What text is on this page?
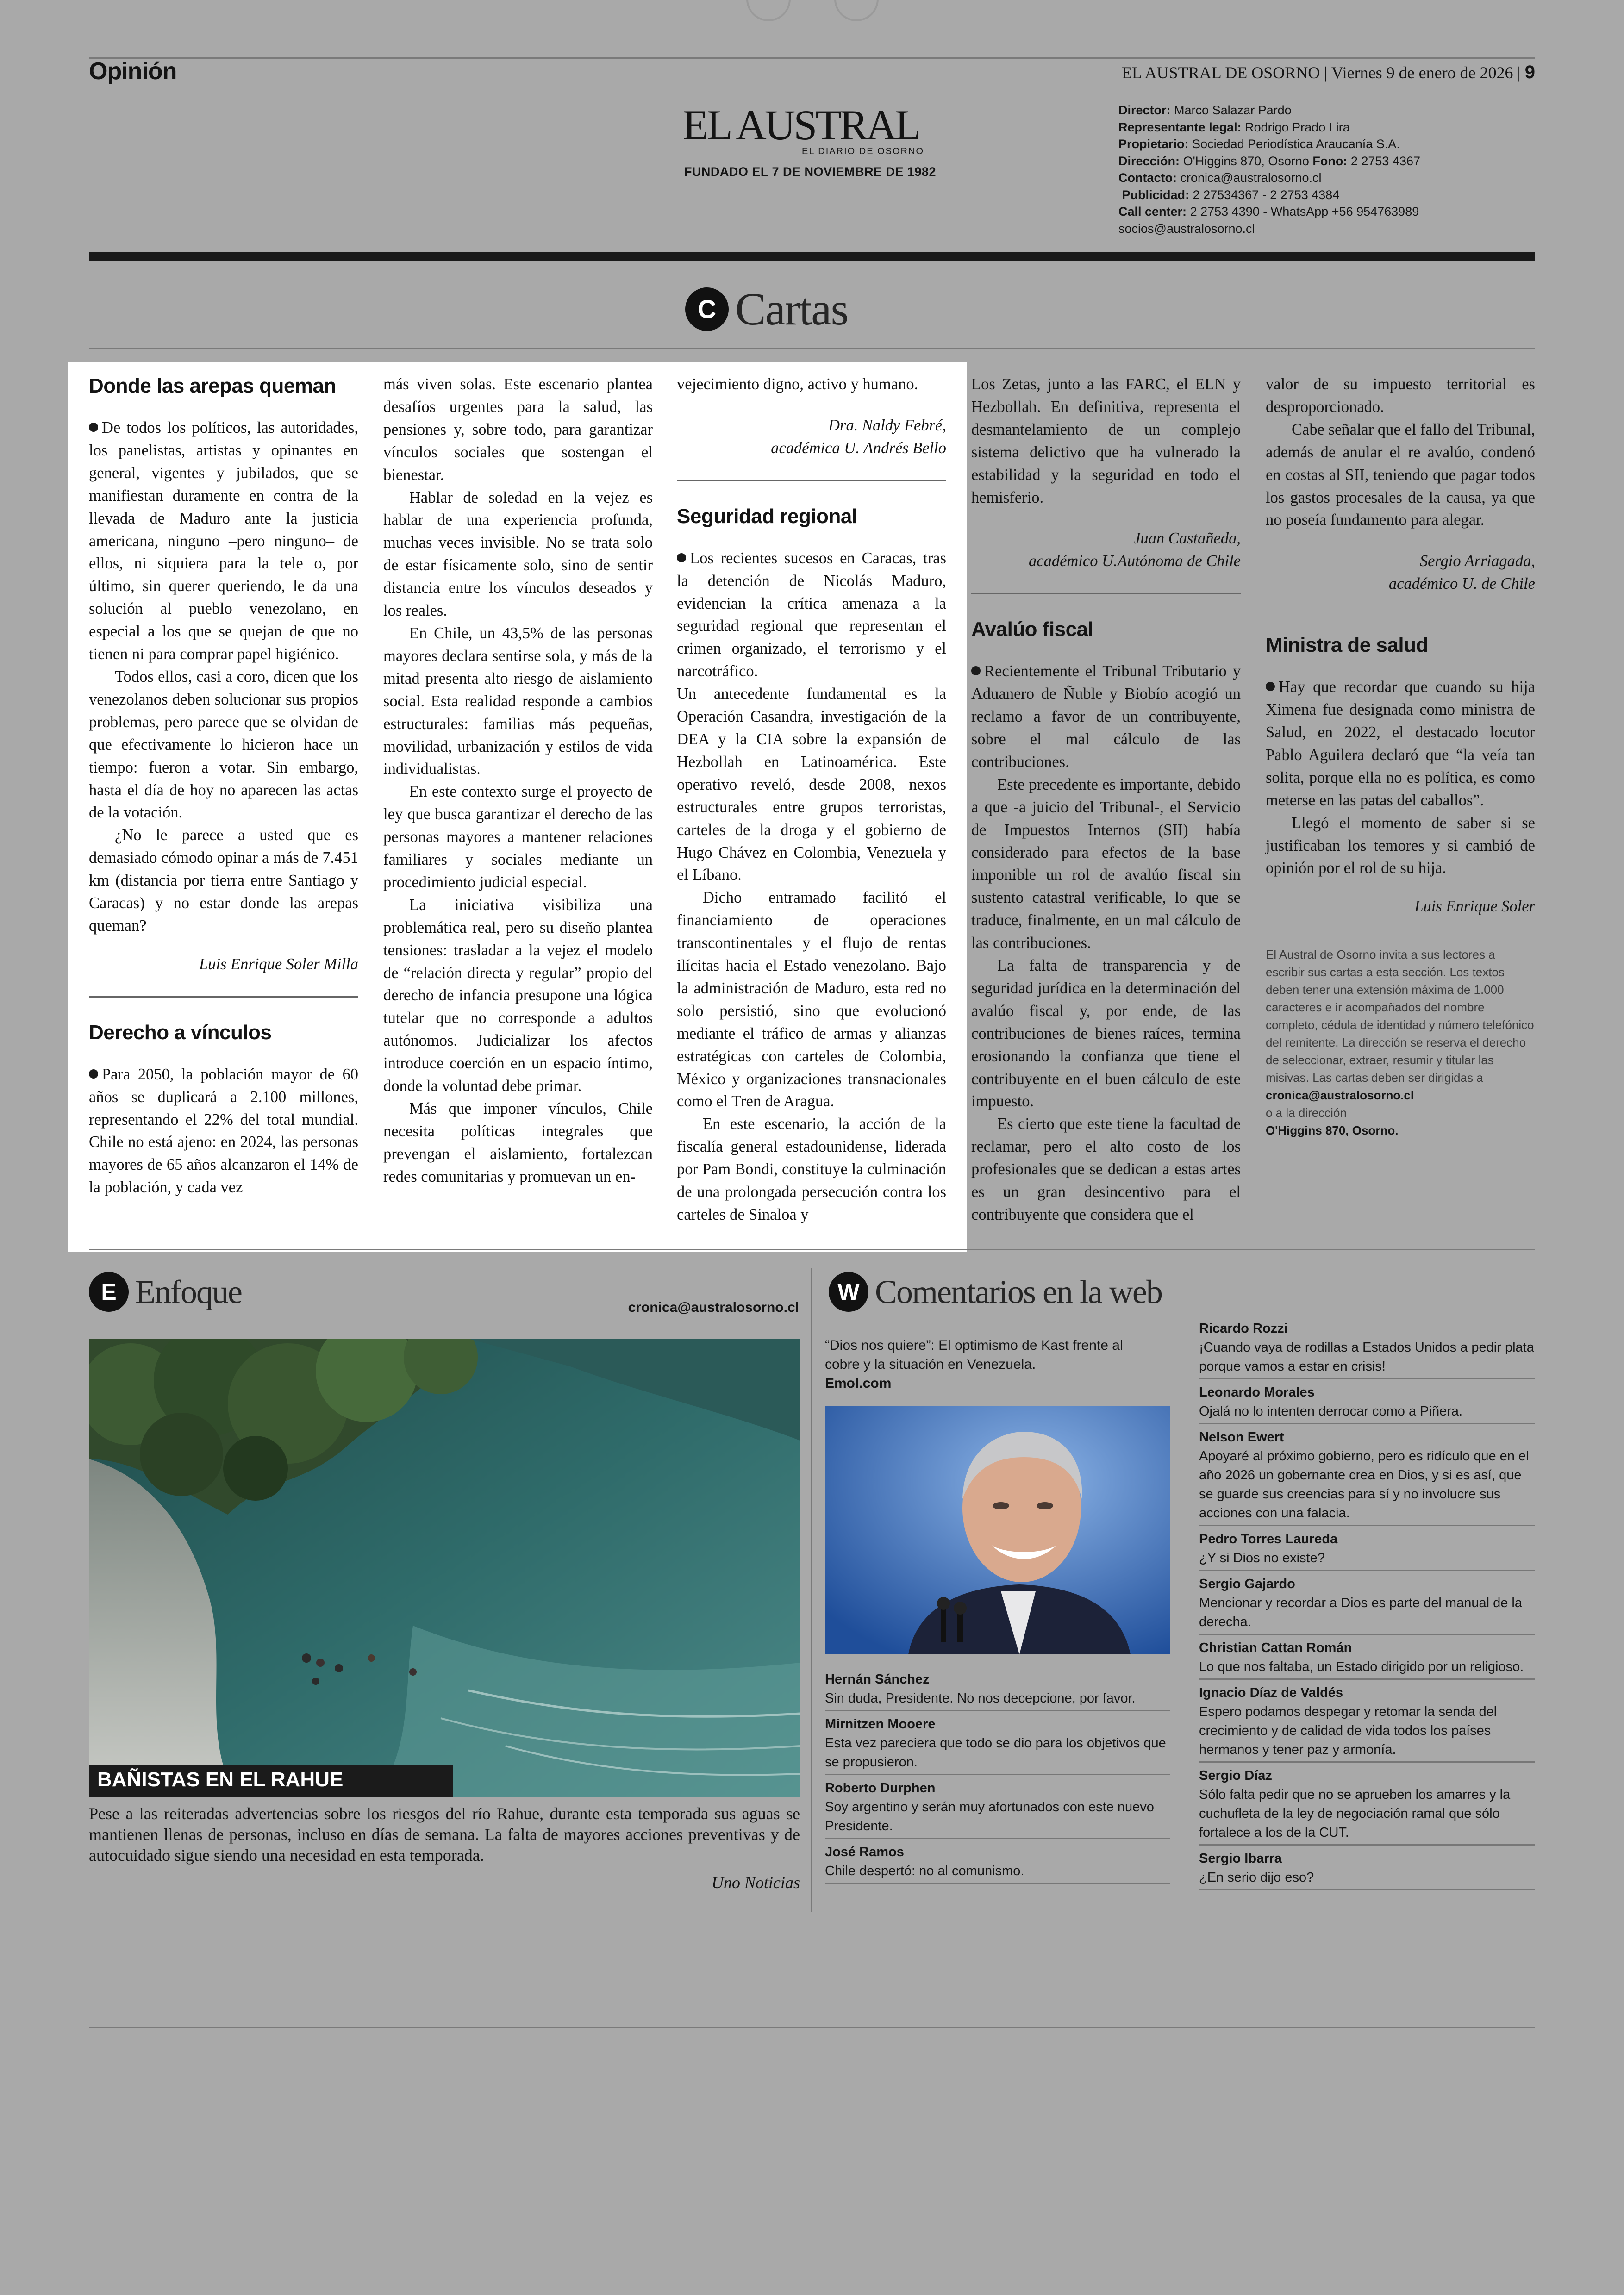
Opinión	EL AUSTRAL DE OSORNO | Viernes 9 de enero de 2026 | 9
EL AUSTRAL
EL DIARIO DE OSORNO
FUNDADO EL 7 DE NOVIEMBRE DE 1982
Director: Marco Salazar Pardo
Representante legal: Rodrigo Prado Lira
Propietario: Sociedad Periodística Araucanía S.A.
Dirección: O'Higgins 870, Osorno Fono: 2 2753 4367
Contacto: cronica@australosorno.cl
Publicidad: 2 27534367 - 2 2753 4384
Call center: 2 2753 4390 - WhatsApp +56 954763989
socios@australosorno.cl
C Cartas
Donde las arepas queman

De todos los políticos, las autoridades, los panelistas, artistas y opinantes en general, vigentes y jubilados, que se manifiestan duramente en contra de la llevada de Maduro ante la justicia americana, ninguno –pero ninguno– de ellos, ni siquiera para la tele o, por último, sin querer queriendo, le da una solución al pueblo venezolano, en especial a los que se quejan de que no tienen ni para comprar papel higiénico.

Todos ellos, casi a coro, dicen que los venezolanos deben solucionar sus propios problemas, pero parece que se olvidan de que efectivamente lo hicieron hace un tiempo: fueron a votar. Sin embargo, hasta el día de hoy no aparecen las actas de la votación.

¿No le parece a usted que es demasiado cómodo opinar a más de 7.451 km (distancia por tierra entre Santiago y Caracas) y no estar donde las arepas queman?

Luis Enrique Soler Milla

Derecho a vínculos

Para 2050, la población mayor de 60 años se duplicará a 2.100 millones, representando el 22% del total mundial. Chile no está ajeno: en 2024, las personas mayores de 65 años alcanzaron el 14% de la población, y cada vez

más viven solas. Este escenario plantea desafíos urgentes para la salud, las pensiones y, sobre todo, para garantizar vínculos sociales que sostengan el bienestar.

Hablar de soledad en la vejez es hablar de una experiencia profunda, muchas veces invisible. No se trata solo de estar físicamente solo, sino de sentir distancia entre los vínculos deseados y los reales.

En Chile, un 43,5% de las personas mayores declara sentirse sola, y más de la mitad presenta alto riesgo de aislamiento social. Esta realidad responde a cambios estructurales: familias más pequeñas, movilidad, urbanización y estilos de vida individualistas.

En este contexto surge el proyecto de ley que busca garantizar el derecho de las personas mayores a mantener relaciones familiares y sociales mediante un procedimiento judicial especial.

La iniciativa visibiliza una problemática real, pero su diseño plantea tensiones: trasladar a la vejez el modelo de “relación directa y regular” propio del derecho de infancia presupone una lógica tutelar que no corresponde a adultos autónomos. Judicializar los afectos introduce coerción en un espacio íntimo, donde la voluntad debe primar.

Más que imponer vínculos, Chile necesita políticas integrales que prevengan el aislamiento, fortalezcan redes comunitarias y promuevan un en-

vejecimiento digno, activo y humano.

Dra. Naldy Febré,

académica U. Andrés Bello

Seguridad regional

Los recientes sucesos en Caracas, tras la detención de Nicolás Maduro, evidencian la crítica amenaza a la seguridad regional que representan el crimen organizado, el terrorismo y el narcotráfico.

Un antecedente fundamental es la Operación Casandra, investigación de la DEA y la CIA sobre la expansión de Hezbollah en Latinoamérica. Este operativo reveló, desde 2008, nexos estructurales entre grupos terroristas, carteles de la droga y el gobierno de Hugo Chávez en Colombia, Venezuela y el Líbano.

Dicho entramado facilitó el financiamiento de operaciones transcontinentales y el flujo de rentas ilícitas hacia el Estado venezolano. Bajo la administración de Maduro, esta red no solo persistió, sino que evolucionó mediante el tráfico de armas y alianzas estratégicas con carteles de Colombia, México y organizaciones transnacionales como el Tren de Aragua.

En este escenario, la acción de la fiscalía general estadounidense, liderada por Pam Bondi, constituye la culminación de una prolongada persecución contra los carteles de Sinaloa y

Los Zetas, junto a las FARC, el ELN y Hezbollah. En definitiva, representa el desmantelamiento de un complejo sistema delictivo que ha vulnerado la estabilidad y la seguridad en todo el hemisferio.

Juan Castañeda,

académico U.Autónoma de Chile

Avalúo fiscal

Recientemente el Tribunal Tributario y Aduanero de Ñuble y Biobío acogió un reclamo a favor de un contribuyente, sobre el mal cálculo de las contribuciones.

Este precedente es importante, debido a que -a juicio del Tribunal-, el Servicio de Impuestos Internos (SII) había considerado para efectos de la base imponible un rol de avalúo fiscal sin sustento catastral verificable, lo que se traduce, finalmente, en un mal cálculo de las contribuciones.

La falta de transparencia y de seguridad jurídica en la determinación del avalúo fiscal y, por ende, de las contribuciones de bienes raíces, termina erosionando la confianza que tiene el contribuyente en el buen cálculo de este impuesto.

Es cierto que este tiene la facultad de reclamar, pero el alto costo de los profesionales que se dedican a estas artes es un gran desincentivo para el contribuyente que considera que el

valor de su impuesto territorial es desproporcionado.

Cabe señalar que el fallo del Tribunal, además de anular el re avalúo, condenó en costas al SII, teniendo que pagar todos los gastos procesales de la causa, ya que no poseía fundamento para alegar.

Sergio Arriagada,

académico U. de Chile

Ministra de salud

Hay que recordar que cuando su hija Ximena fue designada como ministra de Salud, en 2022, el destacado locutor Pablo Aguilera declaró que “la veía tan solita, porque ella no es política, es como meterse en las patas del caballos”.

Llegó el momento de saber si se justificaban los temores y si cambió de opinión por el rol de su hija.

Luis Enrique Soler

El Austral de Osorno invita a sus lectores a escribir sus cartas a esta sección. Los textos deben tener una extensión máxima de 1.000 caracteres e ir acompañados del nombre completo, cédula de identidad y número telefónico del remitente. La dirección se reserva el derecho de seleccionar, extraer, resumir y titular las misivas. Las cartas deben ser dirigidas a
cronica@australosorno.cl
o a la dirección
O'Higgins 870, Osorno.
E Enfoque	cronica@australosorno.cl
BAÑISTAS EN EL RAHUE
Pese a las reiteradas advertencias sobre los riesgos del río Rahue, durante esta temporada sus aguas se mantienen llenas de personas, incluso en días de semana. La falta de mayores acciones preventivas y de autocuidado sigue siendo una necesidad en esta temporada.
Uno Noticias
W Comentarios en la web
“Dios nos quiere”: El optimismo de Kast frente al cobre y la situación en Venezuela.
Emol.com
Hernán Sánchez
Sin duda, Presidente. No nos decepcione, por favor.
Mirnitzen Mooere
Esta vez pareciera que todo se dio para los objetivos que se propusieron.
Roberto Durphen
Soy argentino y serán muy afortunados con este nuevo Presidente.
José Ramos
Chile despertó: no al comunismo.
Ricardo Rozzi
¡Cuando vaya de rodillas a Estados Unidos a pedir plata porque vamos a estar en crisis!
Leonardo Morales
Ojalá no lo intenten derrocar como a Piñera.
Nelson Ewert
Apoyaré al próximo gobierno, pero es ridículo que en el año 2026 un gobernante crea en Dios, y si es así, que se guarde sus creencias para sí y no involucre sus acciones con una falacia.
Pedro Torres Laureda
¿Y si Dios no existe?
Sergio Gajardo
Mencionar y recordar a Dios es parte del manual de la derecha.
Christian Cattan Román
Lo que nos faltaba, un Estado dirigido por un religioso.
Ignacio Díaz de Valdés
Espero podamos despegar y retomar la senda del crecimiento y de calidad de vida todos los países hermanos y tener paz y armonía.
Sergio Díaz
Sólo falta pedir que no se aprueben los amarres y la cuchufleta de la ley de negociación ramal que sólo fortalece a los de la CUT.
Sergio Ibarra
¿En serio dijo eso?
